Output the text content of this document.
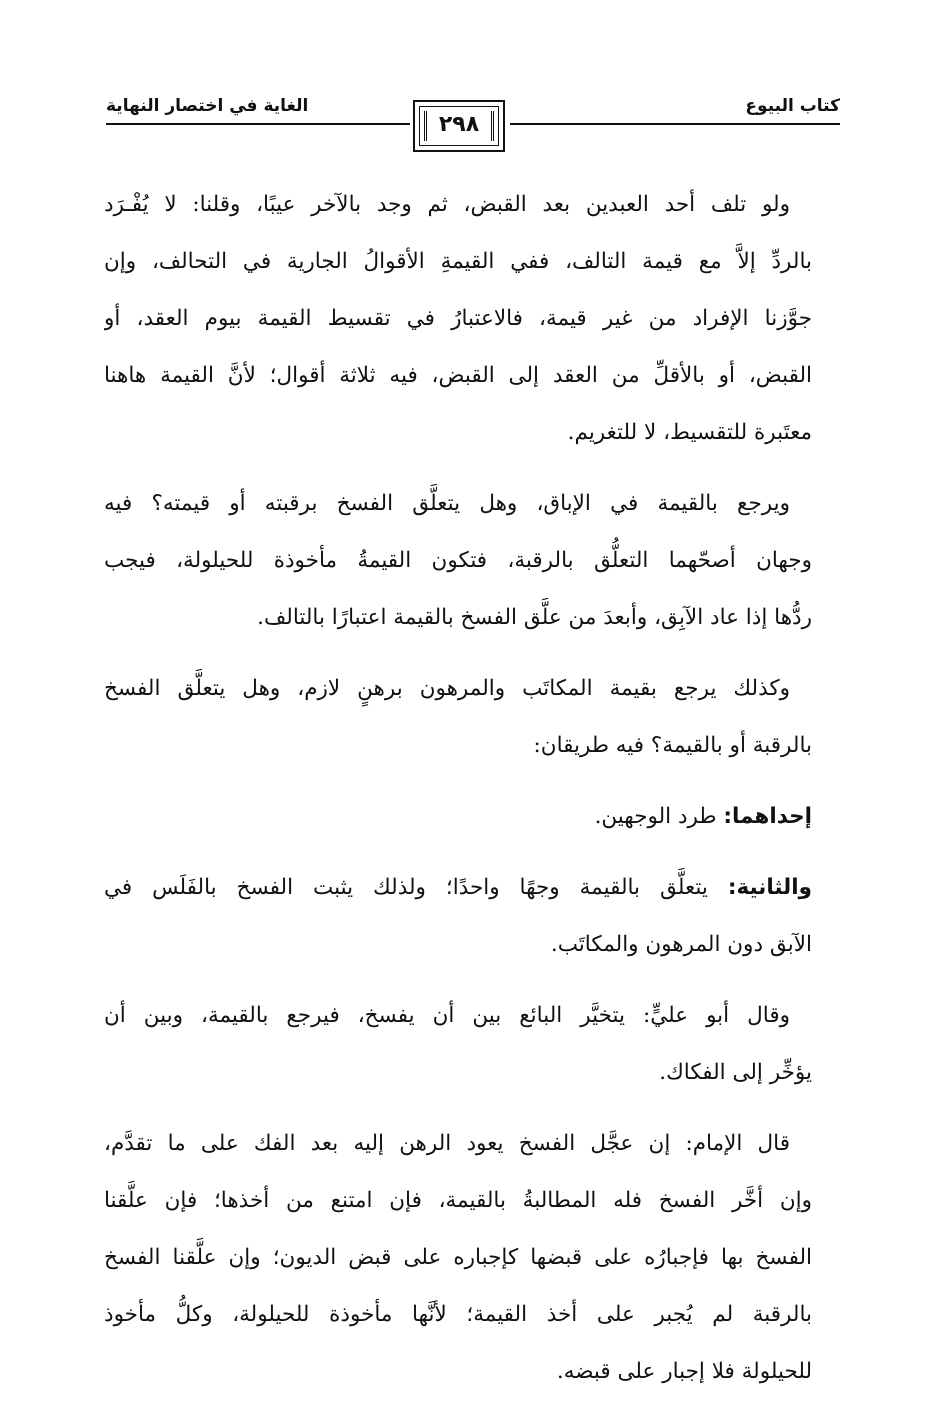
كتاب البيوع
الغاية في اختصار النهاية
٢٩٨
ولو تلف أحد العبدين بعد القبض، ثم وجد بالآخر عيبًا، وقلنا: لا يُفْـرَد
بالردِّ إلاَّ مع قيمة التالف، ففي القيمةِ الأقوالُ الجارية في التحالف، وإن
جوَّزنا الإفراد من غير قيمة، فالاعتبارُ في تقسيط القيمة بيوم العقد، أو
القبض، أو بالأقلِّ من العقد إلى القبض، فيه ثلاثة أقوال؛ لأنَّ القيمة هاهنا
معتَبرة للتقسيط، لا للتغريم.
ويرجع بالقيمة في الإباق، وهل يتعلَّق الفسخ برقبته أو قيمته؟ فيه
وجهان أصحّهما التعلُّق بالرقبة، فتكون القيمةُ مأخوذة للحيلولة، فيجب
ردُّها إذا عاد الآبِق، وأبعدَ من علَّق الفسخ بالقيمة اعتبارًا بالتالف.
وكذلك يرجع بقيمة المكاتَب والمرهون برهنٍ لازم، وهل يتعلَّق الفسخ
بالرقبة أو بالقيمة؟ فيه طريقان:
إحداهما: طرد الوجهين.
والثانية: يتعلَّق بالقيمة وجهًا واحدًا؛ ولذلك يثبت الفسخ بالفَلَس في
الآبق دون المرهون والمكاتَب.
وقال أبو عليٍّ: يتخيَّر البائع بين أن يفسخ، فيرجع بالقيمة، وبين أن
يؤخِّر إلى الفكاك.
قال الإمام: إن عجَّل الفسخ يعود الرهن إليه بعد الفك على ما تقدَّم،
وإن أخَّر الفسخ فله المطالبةُ بالقيمة، فإن امتنع من أخذها؛ فإن علَّقنا
الفسخ بها فإجبارُه على قبضها كإجباره على قبض الديون؛ وإن علَّقنا الفسخ
بالرقبة لم يُجبر على أخذ القيمة؛ لأنَّها مأخوذة للحيلولة، وكلُّ مأخوذ
للحيلولة فلا إجبار على قبضه.
